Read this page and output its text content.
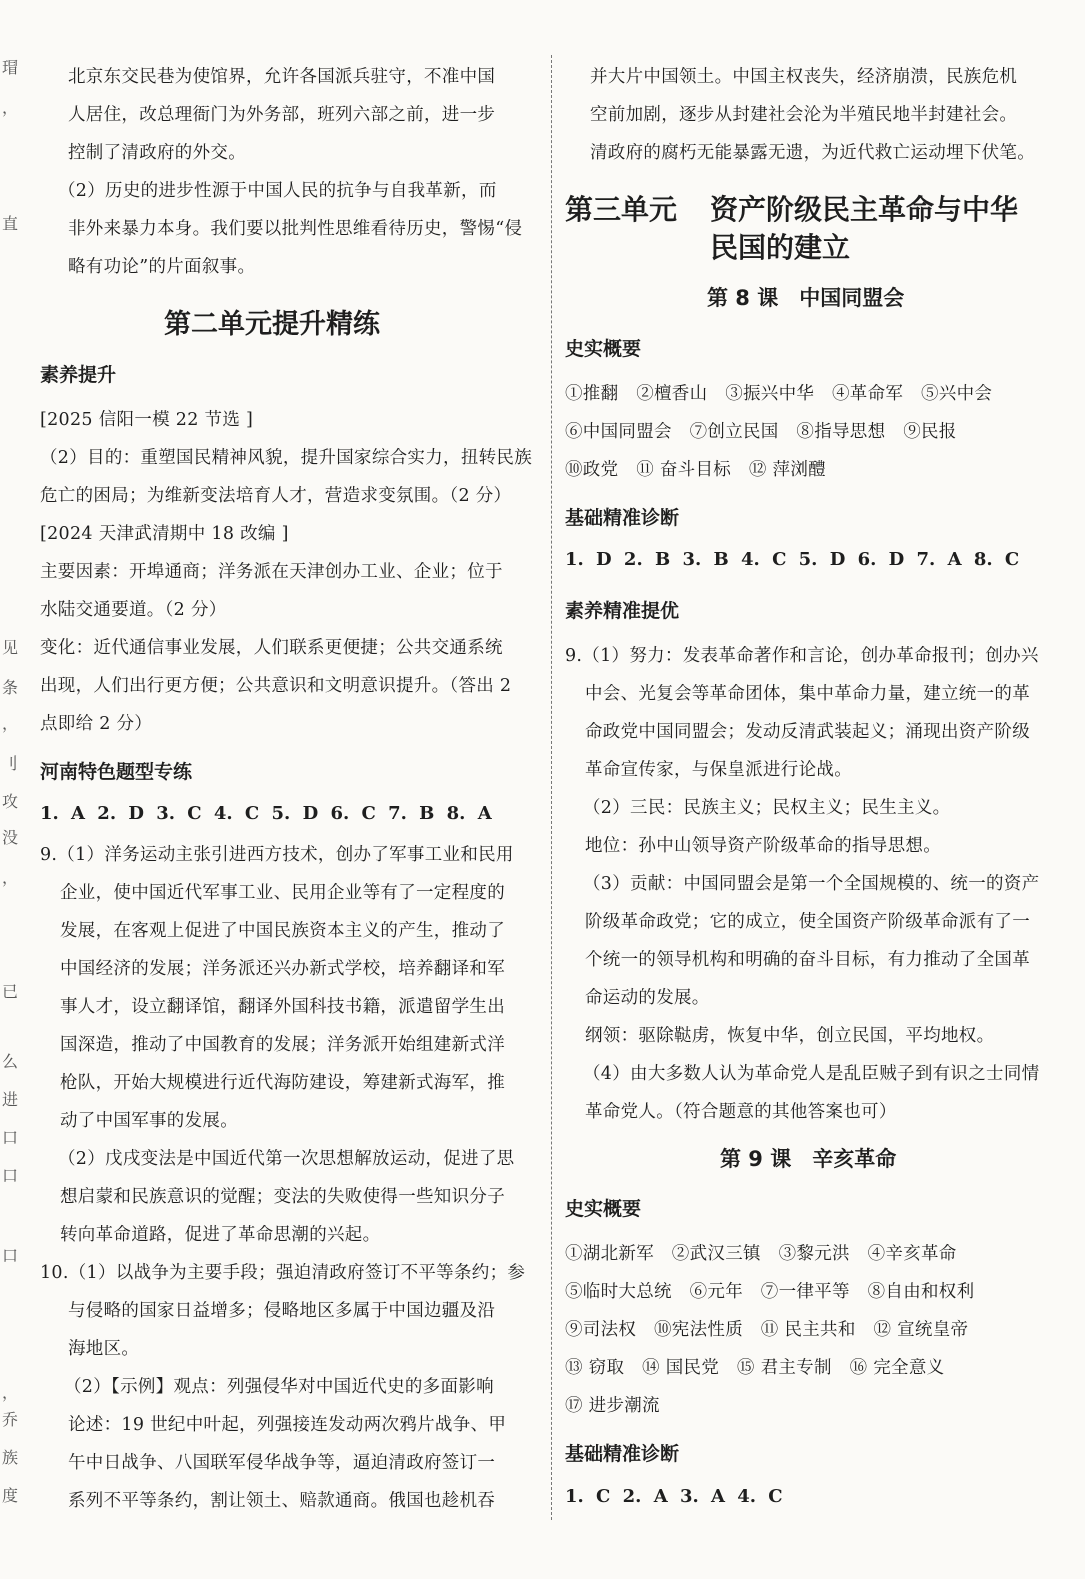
瑁
，
直
见
条
，
刂
攻
没
，
已
么
进
口
口
口
，
乔
族
度

北京东交民巷为使馆界，允许各国派兵驻守，不准中国

人居住，改总理衙门为外务部，班列六部之前，进一步

控制了清政府的外交。

（2）历史的进步性源于中国人民的抗争与自我革新，而

非外来暴力本身。我们要以批判性思维看待历史，警惕“侵

略有功论”的片面叙事。

第二单元提升精练
素养提升

[2025 信阳一模 22 节选 ]

（2）目的：重塑国民精神风貌，提升国家综合实力，扭转民族

危亡的困局；为维新变法培育人才，营造求变氛围。（2 分）

[2024 天津武清期中 18 改编 ]

主要因素：开埠通商；洋务派在天津创办工业、企业；位于

水陆交通要道。（2 分）

变化：近代通信事业发展，人们联系更便捷；公共交通系统

出现，人们出行更方便；公共意识和文明意识提升。（答出 2

点即给 2 分）

河南特色题型专练

1. A 2. D 3. C 4. C 5. D 6. C 7. B 8. A

9.（1）洋务运动主张引进西方技术，创办了军事工业和民用

企业，使中国近代军事工业、民用企业等有了一定程度的

发展，在客观上促进了中国民族资本主义的产生，推动了

中国经济的发展；洋务派还兴办新式学校，培养翻译和军

事人才，设立翻译馆，翻译外国科技书籍，派遣留学生出

国深造，推动了中国教育的发展；洋务派开始组建新式洋

枪队，开始大规模进行近代海防建设，筹建新式海军，推

动了中国军事的发展。

（2）戊戌变法是中国近代第一次思想解放运动，促进了思

想启蒙和民族意识的觉醒；变法的失败使得一些知识分子

转向革命道路，促进了革命思潮的兴起。

10.（1）以战争为主要手段；强迫清政府签订不平等条约；参

与侵略的国家日益增多；侵略地区多属于中国边疆及沿

海地区。

（2）【示例】观点：列强侵华对中国近代史的多面影响

论述：19 世纪中叶起，列强接连发动两次鸦片战争、甲

午中日战争、八国联军侵华战争等，逼迫清政府签订一

系列不平等条约，割让领土、赔款通商。俄国也趁机吞

并大片中国领土。中国主权丧失，经济崩溃，民族危机

空前加剧，逐步从封建社会沦为半殖民地半封建社会。

清政府的腐朽无能暴露无遗，为近代救亡运动埋下伏笔。

第三单元 资产阶级民主革命与中华
民国的建立
第 8 课　中国同盟会
史实概要

①推翻　②檀香山　③振兴中华　④革命军　⑤兴中会

⑥中国同盟会　⑦创立民国　⑧指导思想　⑨民报

⑩政党　⑪ 奋斗目标　⑫ 萍浏醴

基础精准诊断

1. D 2. B 3. B 4. C 5. D 6. D 7. A 8. C

素养精准提优

9.（1）努力：发表革命著作和言论，创办革命报刊；创办兴

中会、光复会等革命团体，集中革命力量，建立统一的革

命政党中国同盟会；发动反清武装起义；涌现出资产阶级

革命宣传家，与保皇派进行论战。

（2）三民：民族主义；民权主义；民生主义。

地位：孙中山领导资产阶级革命的指导思想。

（3）贡献：中国同盟会是第一个全国规模的、统一的资产

阶级革命政党；它的成立，使全国资产阶级革命派有了一

个统一的领导机构和明确的奋斗目标，有力推动了全国革

命运动的发展。

纲领：驱除鞑虏，恢复中华，创立民国，平均地权。

（4）由大多数人认为革命党人是乱臣贼子到有识之士同情

革命党人。（符合题意的其他答案也可）

第 9 课　辛亥革命
史实概要

①湖北新军　②武汉三镇　③黎元洪　④辛亥革命

⑤临时大总统　⑥元年　⑦一律平等　⑧自由和权利

⑨司法权　⑩宪法性质　⑪ 民主共和　⑫ 宣统皇帝

⑬ 窃取　⑭ 国民党　⑮ 君主专制　⑯ 完全意义

⑰ 进步潮流

基础精准诊断

1. C 2. A 3. A 4. C
